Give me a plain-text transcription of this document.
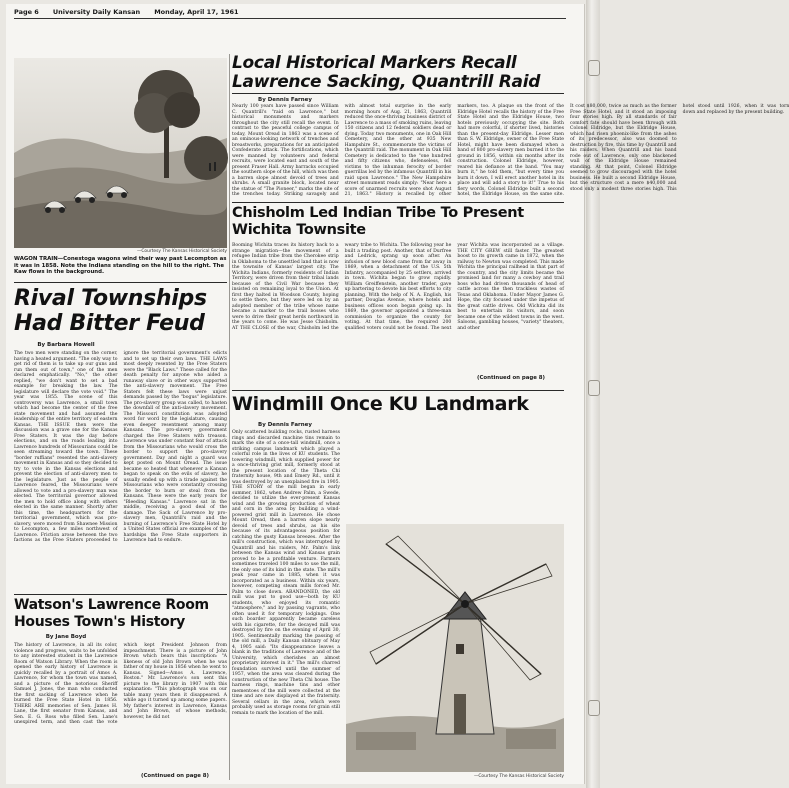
Page 6 University Daily Kansan Monday, April 17, 1961
—Courtesy The Kansas Historical Society
WAGON TRAIN—Conestoga wagons wind their way past Lecompton as it was in 1858. Note the Indians standing on the hill to the right. The Kaw flows in the background.
Local Historical Markers Recall Lawrence Sacking, Quantrill Raid
By Dennis Farney

Nearly 100 years have passed since William C. Quantrill's "raid on Lawrence," but historical monuments and markers throughout the city still recall the event. In contrast to the peaceful college campus of today, Mount Oread in 1863 was a scene of an ominous-looking network of trenches and breastworks, preparations for an anticipated Confederate attack. The fortifications, which were manned by volunteers and federal recruits, were located east and south of the present Fraser Hall. Army barracks occupied the southern slope of the hill, which was then a barren slope almost devoid of trees and shrubs. A small granite block, located near the statue of "The Pioneer," marks the site of the trenches today. Striking savagely and with almost total surprise in the early morning hours of Aug. 21, 1863, Quantrill reduced the once-thriving business district of Lawrence to a mass of smoking ruins, leaving 150 citizens and 12 federal soldiers dead or dying. Today two monuments, one in Oak Hill Cemetery, and the other at 935 New Hampshire St., commemorate the victims of the Quantrill raid. The monument in Oak Hill Cemetery is dedicated to the "one hundred and fifty citizens who, defenseless, fell victims to the inhuman ferocity of border guerrillas led by the infamous Quantrill in his raid upon Lawrence." The New Hampshire street monument reads simply: "Near here a score of unarmed recruits were shot August 21, 1863." History is recalled by other markers, too. A plaque on the front of the Eldridge Hotel recalls the history of the Free State Hotel and the Eldridge House, two hotels previously occupying the site. Both had more colorful, if shorter lived, histories than the present-day Eldridge. Lesser men than S. W. Eldridge, owner of the Free State Hotel, might have been dismayed when a band of 800 pro-slavery men burned it to the ground in 1856, within six months after its construction. Colonel Eldridge, however, reared his defiance at the band. "You may burn it," he told them, "but every time you burn it down, I will erect another hotel in its place and will add a story to it!" True to his fiery words, Colonel Eldridge built a second hotel, the Eldridge House, on the same site. It cost $80,000, twice as much as the former Free State Hotel, and it stood an imposing four stories high. By all standards of fair comfort fate should have been through with Colonel Eldridge, but the Eldridge House, which had risen phoenix-like from the ashes of its predecessor, also was doomed to destruction by fire, this time by Quantrill and his raiders. When Quantrill and his band rode out of Lawrence, only one blackened wall of the Eldridge House remained standing. At that point, Colonel Eldridge seemed to grow discouraged with the hotel business. He built a second Eldridge House, but the structure cost a mere $40,000 and stood only a modest three stories high. This hotel stood until 1926, when it was torn down and replaced by the present building.

Chisholm Led Indian Tribe To Present Wichita Townsite

Booming Wichita traces its history back to a strange migration—the movement of a refugee Indian tribe from the Cherokee strip in Oklahoma to the unsettled land that is now the townsite of Kansas' largest city. The Wichita Indians, formerly residents of Indian Territory, were driven from their tribal lands because of the Civil War because they insisted on remaining loyal to the Union. At first they halted in Woodson County, hoping to settle there, but they were led on by an adopted member of the tribe whose name became a marker to the trail bosses who were to drive their great herds northward in the years to come. He was Jesse Chisholm. AT THE CLOSE of the war, Chisholm led the weary tribe to Wichita. The following year he built a trading post. Another, that of Durfree and Ledrick, sprang up soon after. An infusion of new blood came from far away in 1869, when a detachment of the U.S. 5th Infantry, accompanied by 25 settlers, arrived in town. Wichita began to grow rapidly. William Greiffenstein, another trader, gave up bartering to devote his best efforts to city planning. With the help of N. A. English, his partner, Douglas Avenue, where hotels and business offices soon began going up. In 1869, the governor appointed a three-man commission to organize the county for voting. At that time, the required 200 qualified voters could not be found. The next year Wichita was incorporated as a village. THE CITY GREW still faster. The greatest boost to its growth came in 1872, when the railway to Newton was completed. This made Wichita the principal railhead in that part of the country, and the city limits became the promised land for many a cowboy and trail boss who had driven thousands of head of cattle across the then trackless wastes of Texas and Oklahoma. Under Mayor James G. Hope, the city focused under the impetus of the great cattle drives. Old Wichita did its best to entertain its visitors, and soon became one of the wildest towns in the west. Saloons, gambling houses, "variety" theaters, and other

(Continued on page 8)
Rival Townships Had Bitter Feud
By Barbara Howell

The two men were standing on the corner, having a heated argument. "The only way to get rid of them is to take up our guns and run them out of town," one of the men declared emphatically. "No," the other replied, "we don't want to set a bad example for breaking the law. The legislature will declare the vote void." The year was 1855. The scene of this controversy was Lawrence, a small town which had become the center of the free state movement and had assumed the leadership of the entire territory of eastern Kansas. THE ISSUE then were the discussion was a grave one for the Kansas Free Staters. It was the day before elections, and on the roads leading into Lawrence hundreds of Missourians could be seen streaming toward the town. These "border ruffians" resented the anti-slavery movement in Kansas and so they decided to try to vote in the Kansas elections and prevent the election of anti-slavery men to the legislature. Just as the people of Lawrence feared, the Missourians were allowed to vote and a pro-slavery man was elected. The territorial governor allowed the men to hold office along with others elected in the same manner. Shortly after this time, the headquarters for the territorial government, which was pro-slavery, were moved from Shawnee Mission to Lecompton, a few miles northwest of Lawrence. Friction arose between the two factions as the Free Staters proceeded to ignore the territorial government's edicts and to set up their own laws. THE LAWS most deeply resented by the Free Staters were the "Black Laws." These called for the death penalty for anyone who aided a runaway slave or in other ways supported the anti-slavery movement. The Free Staters felt these laws were unjust demands passed by the "bogus" legislature. The pro-slavery group was called, to hasten the downfall of the anti-slavery movement. The Missouri constitution was adopted word for word by the legislature, causing even deeper resentment among many Kansans. The pro-slavery government charged the Free Staters with treason. Lawrence was under constant fear of attack from the Missourians who would cross the border to support the pro-slavery government. Day and night a guard was kept posted on Mount Oread. The issue became so heated that whenever a Kansan began to speak on the evils of slavery, he usually ended up with a tirade against the Missourians who were constantly crossing the border to burn or steal from the Kansans. These were the early years for "Bleeding Kansas." Lawrence sat in the middle, receiving a good deal of the damage. The Sack of Lawrence by pro-slavery men, Quantrill's raid and the burning of Lawrence's Free State Hotel by a United States official are examples of the hardships the Free State supporters in Lawrence had to endure.

Windmill Once KU Landmark
By Dennis Farney

Only scattered building rocks, rusted harness rings and discarded machine tins remain to mark the site of a once-tall windmill, once a striking campus landmark which played a colorful role in the lives of KU students. The towering windmill, which supplied power for a once-thriving grist mill, formerly stood at the present location of the Theta Chi fraternity house, 9th and Emery Rd., until it was destroyed by an unexplained fire in 1905. THE STORY of the mill began in early summer, 1862, when Andrew Palm, a Swede, decided to utilize the ever-present Kansas wind and the growing production of wheat and corn in the area by building a wind-powered grist mill in Lawrence. He chose Mount Oread, then a barren slope nearly devoid of trees and shrubs, as his site because of its advantageous position for catching the gusty Kansas breezes. After the mill's construction, which was interrupted by Quantrill and his raiders, Mr. Palm's link between the Kansas wind and Kansas grain proved to be a profitable venture. Farmers sometimes traveled 100 miles to use the mill, the only one of its kind in the state. The mill's peak year came in 1885, when it was incorporated as a business. Within six years, however, competing steam mills forced Mr. Palm to close down. ABANDONED, the old mill was put to good use—both by KU students, who enjoyed its romantic "atmosphere," and by passing vagrants, who often used it for temporary lodgings. One such boarder apparently became careless with his cigarette, for the decayed mill was destroyed by fire on the evening of April 30, 1905. Sentimentally marking the passing of the old mill, a Daily Kansan obituary of May 4, 1905 said: "Its disappearance leaves a blank in the traditions of Lawrence and of the University, which cherishes an almost proprietary interest in it." The mill's charred foundation survived until the summer of 1957, when the area was cleared during the construction of the new Theta Chi house. The harness rings, machine tins and other mementoes of the mill were collected at the time and are now displayed at the fraternity. Several cellars in the area, which were probably used as storage rooms for grain still remain to mark the location of the mill.

—Courtesy The Kansas Historical Society
Watson's Lawrence Room Houses Town's History
By Jane Boyd

The history of Lawrence, in all its color, violence and progress, waits to be unfolded to any interested student in the Lawrence Room of Watson Library. When the room is opened the early history of Lawrence is quickly recalled by a portrait of Amos A. Lawrence, for whom the town was named, and a picture of the notorious Sheriff Samuel J. Jones, the man who conducted the first sacking of Lawrence when he burned the Free State Hotel in 1856. THERE ARE memories of Sen. James H. Lane, the first senator from Kansas, and Sen. E. G. Ross who filled Sen. Lane's unexpired term, and then cast the vote which kept President Johnson from impeachment. There is a picture of John Brown which bears this inscription: "A likeness of old John Brown when he was father of my house in 1856 when he went to Kansas. Signed—Amos A. Lawrence, Boston." Mr. Lawrence's son sent this picture to the library in 1907 with this explanation: "This photograph was on our table many years then it disappeared. A while ago it turned up among some papers. My father's interest in Lawrence, Kansas and John Brown, of whose methods, however, he did not

(Continued on page 8)
